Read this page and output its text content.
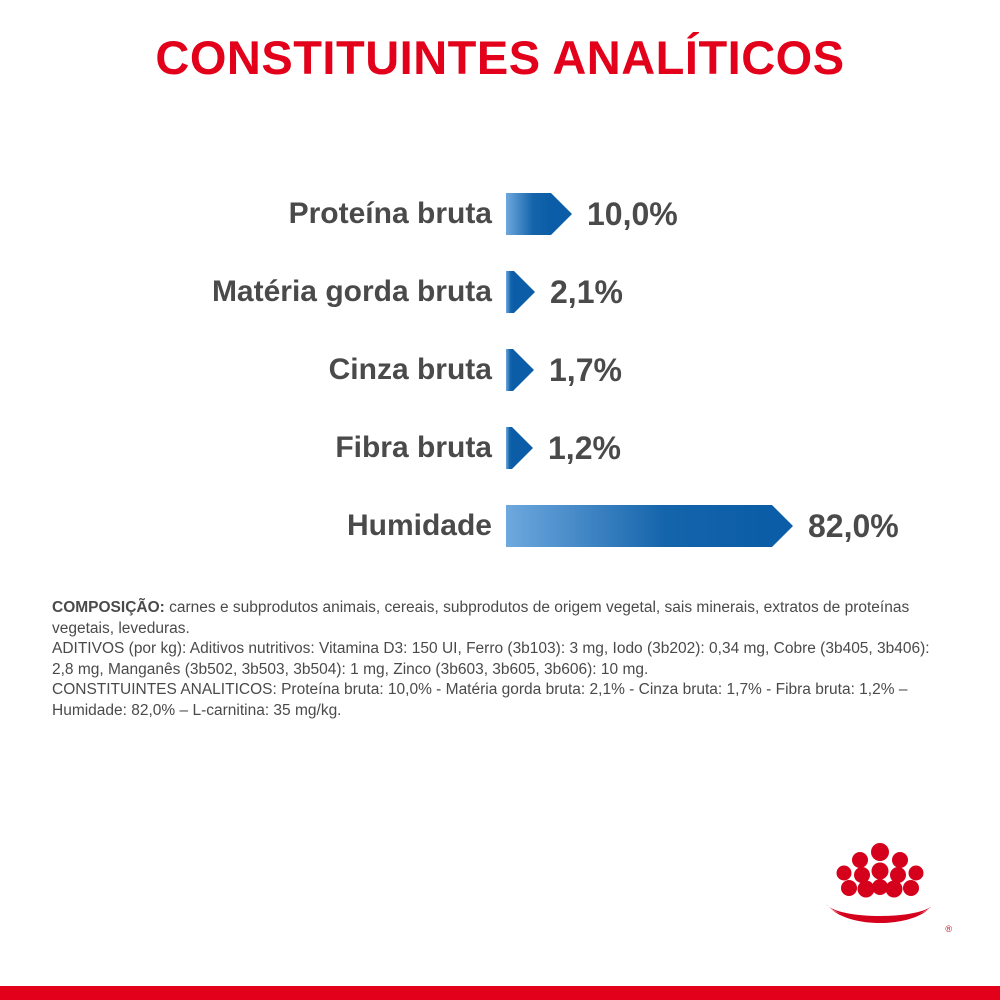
CONSTITUINTES ANALÍTICOS
Proteína bruta	10,0%
Matéria gorda bruta	2,1%
Cinza bruta	1,7%
Fibra bruta	1,2%
Humidade	82,0%

COMPOSIÇÃO: carnes e subprodutos animais, cereais, subprodutos de origem vegetal, sais minerais, extratos de proteínas vegetais, leveduras.

ADITIVOS (por kg): Aditivos nutritivos: Vitamina D3: 150 UI, Ferro (3b103): 3 mg, Iodo (3b202): 0,34 mg, Cobre (3b405, 3b406): 2,8 mg, Manganês (3b502, 3b503, 3b504): 1 mg, Zinco (3b603, 3b605, 3b606): 10 mg.

CONSTITUINTES ANALITICOS: Proteína bruta: 10,0% - Matéria gorda bruta: 2,1% - Cinza bruta: 1,7% - Fibra bruta: 1,2% – Humidade: 82,0% – L-carnitina: 35 mg/kg.

®
